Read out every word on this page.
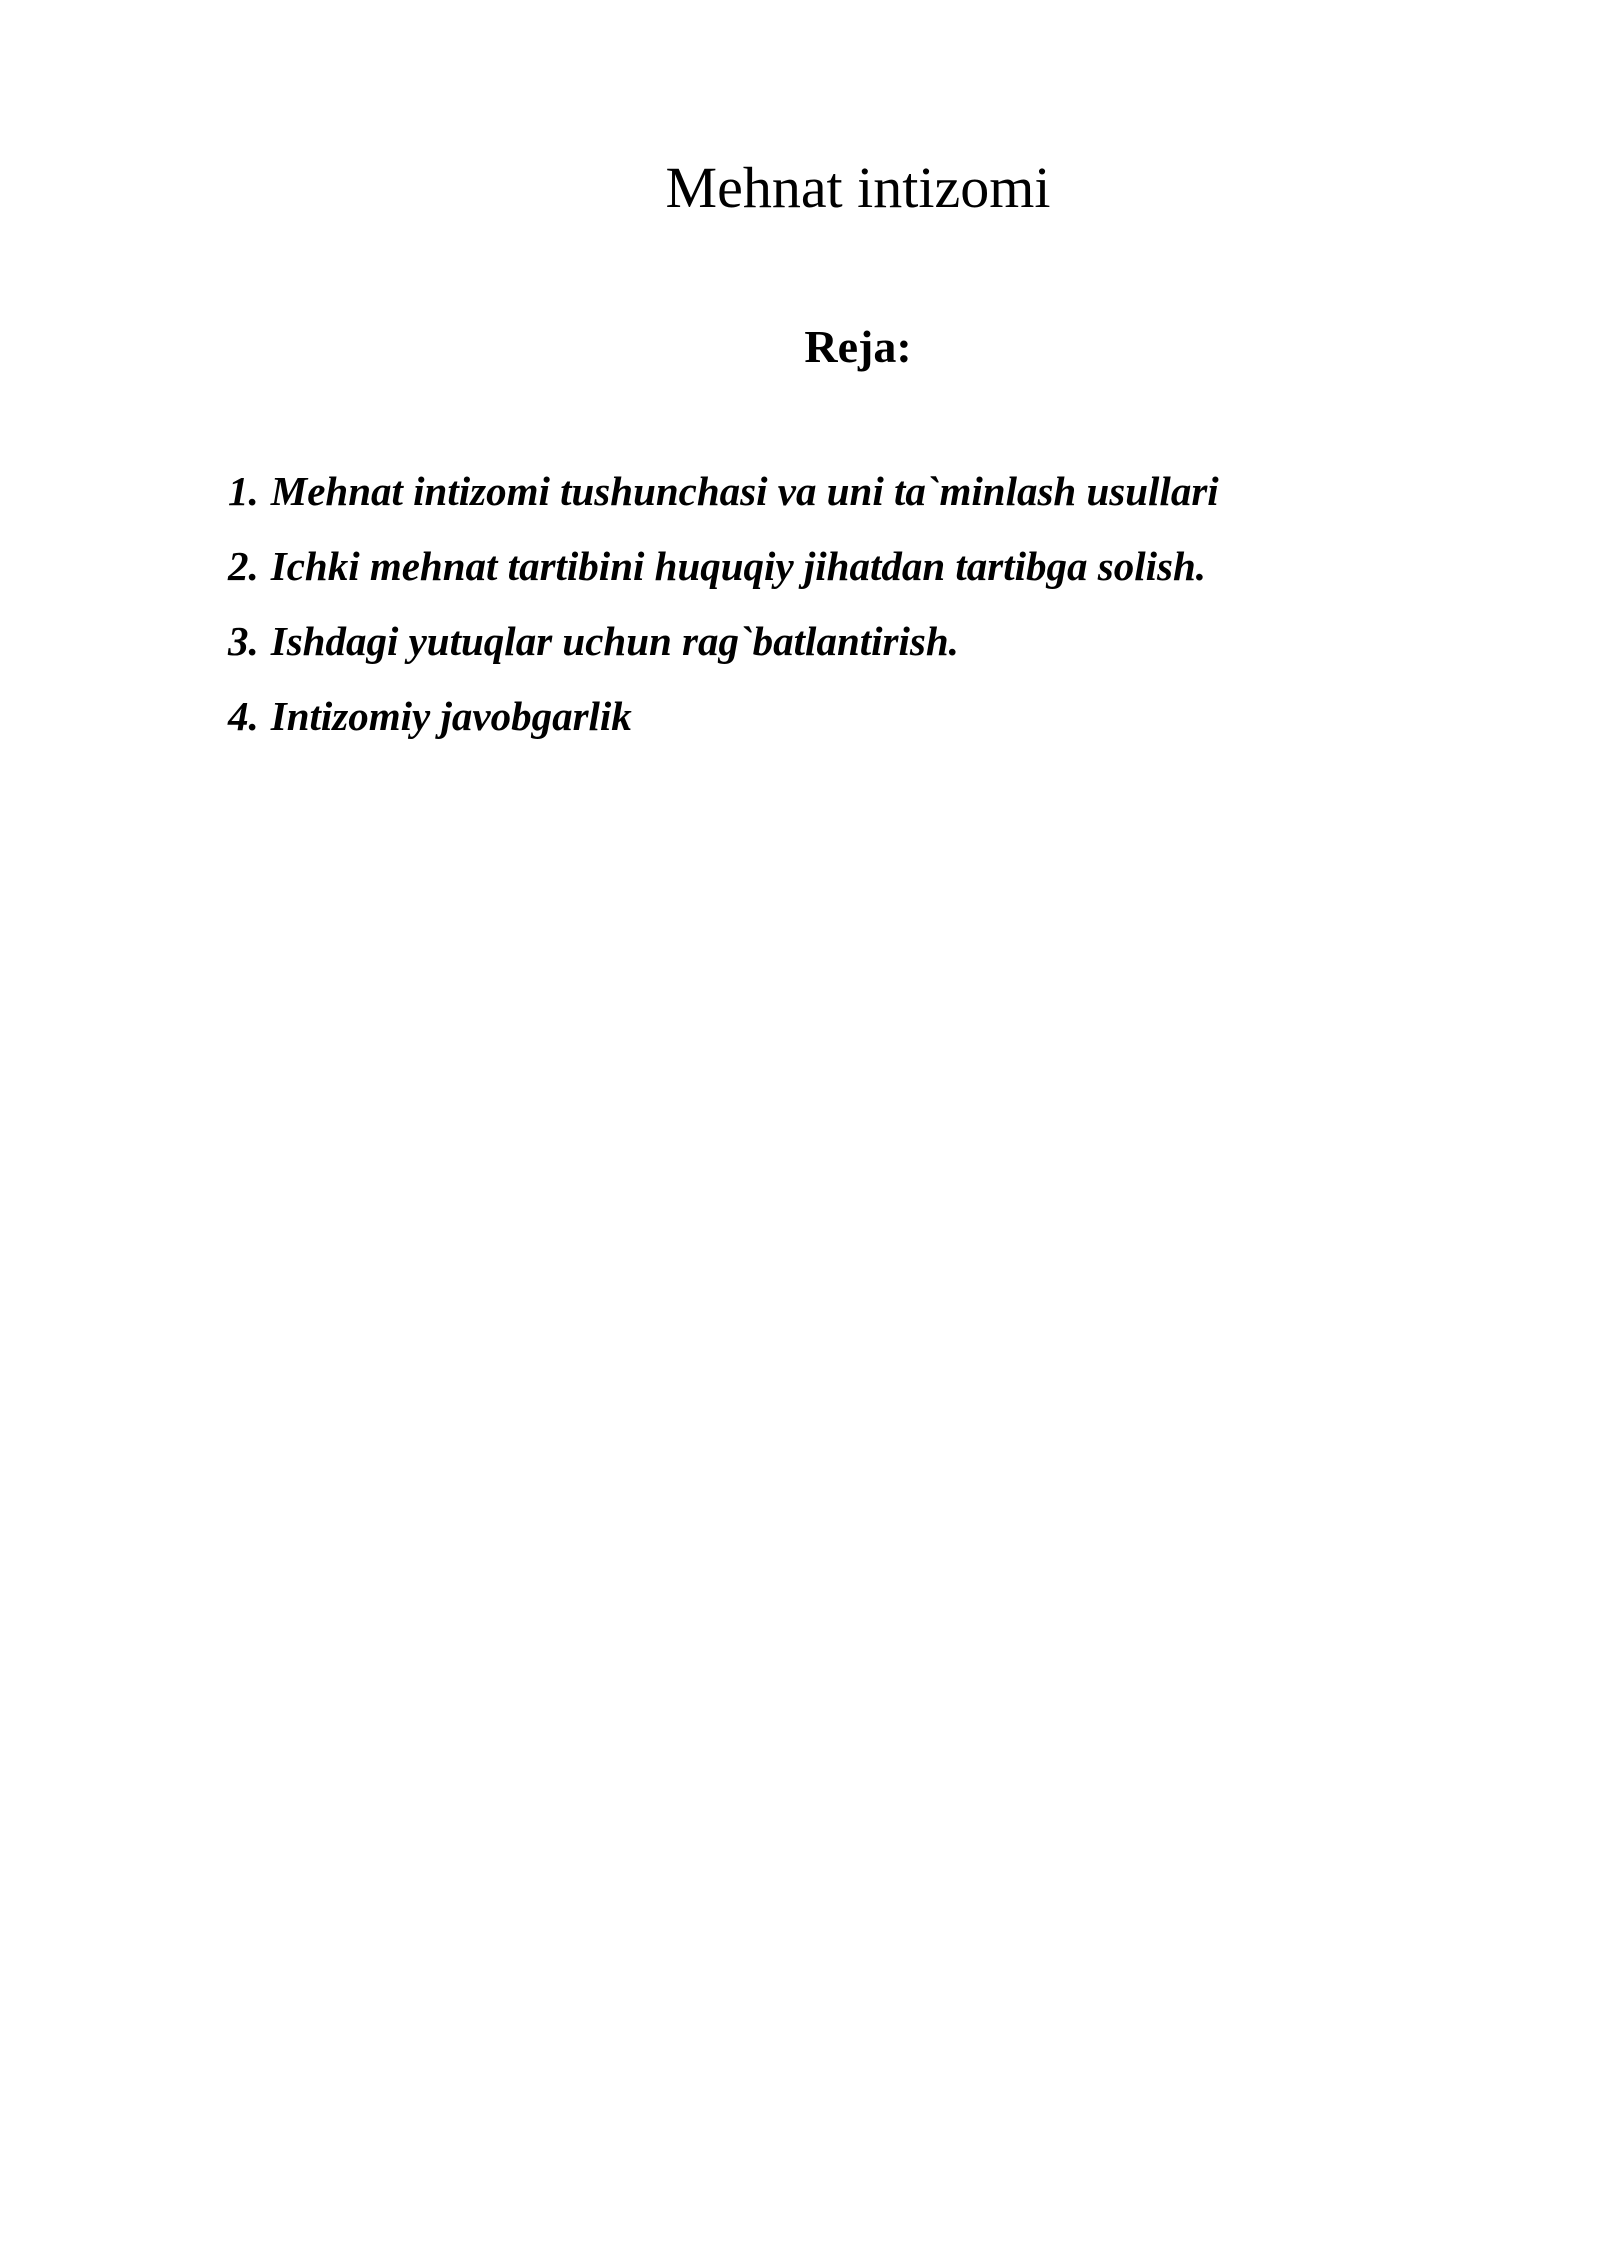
Mehnat intizomi
Reja:
1. Mehnat intizomi tushunchasi va uni ta`minlash usullari
2. Ichki mehnat tartibini huquqiy jihatdan tartibga solish.
3. Ishdagi yutuqlar uchun rag`batlantirish.
4. Intizomiy javobgarlik
